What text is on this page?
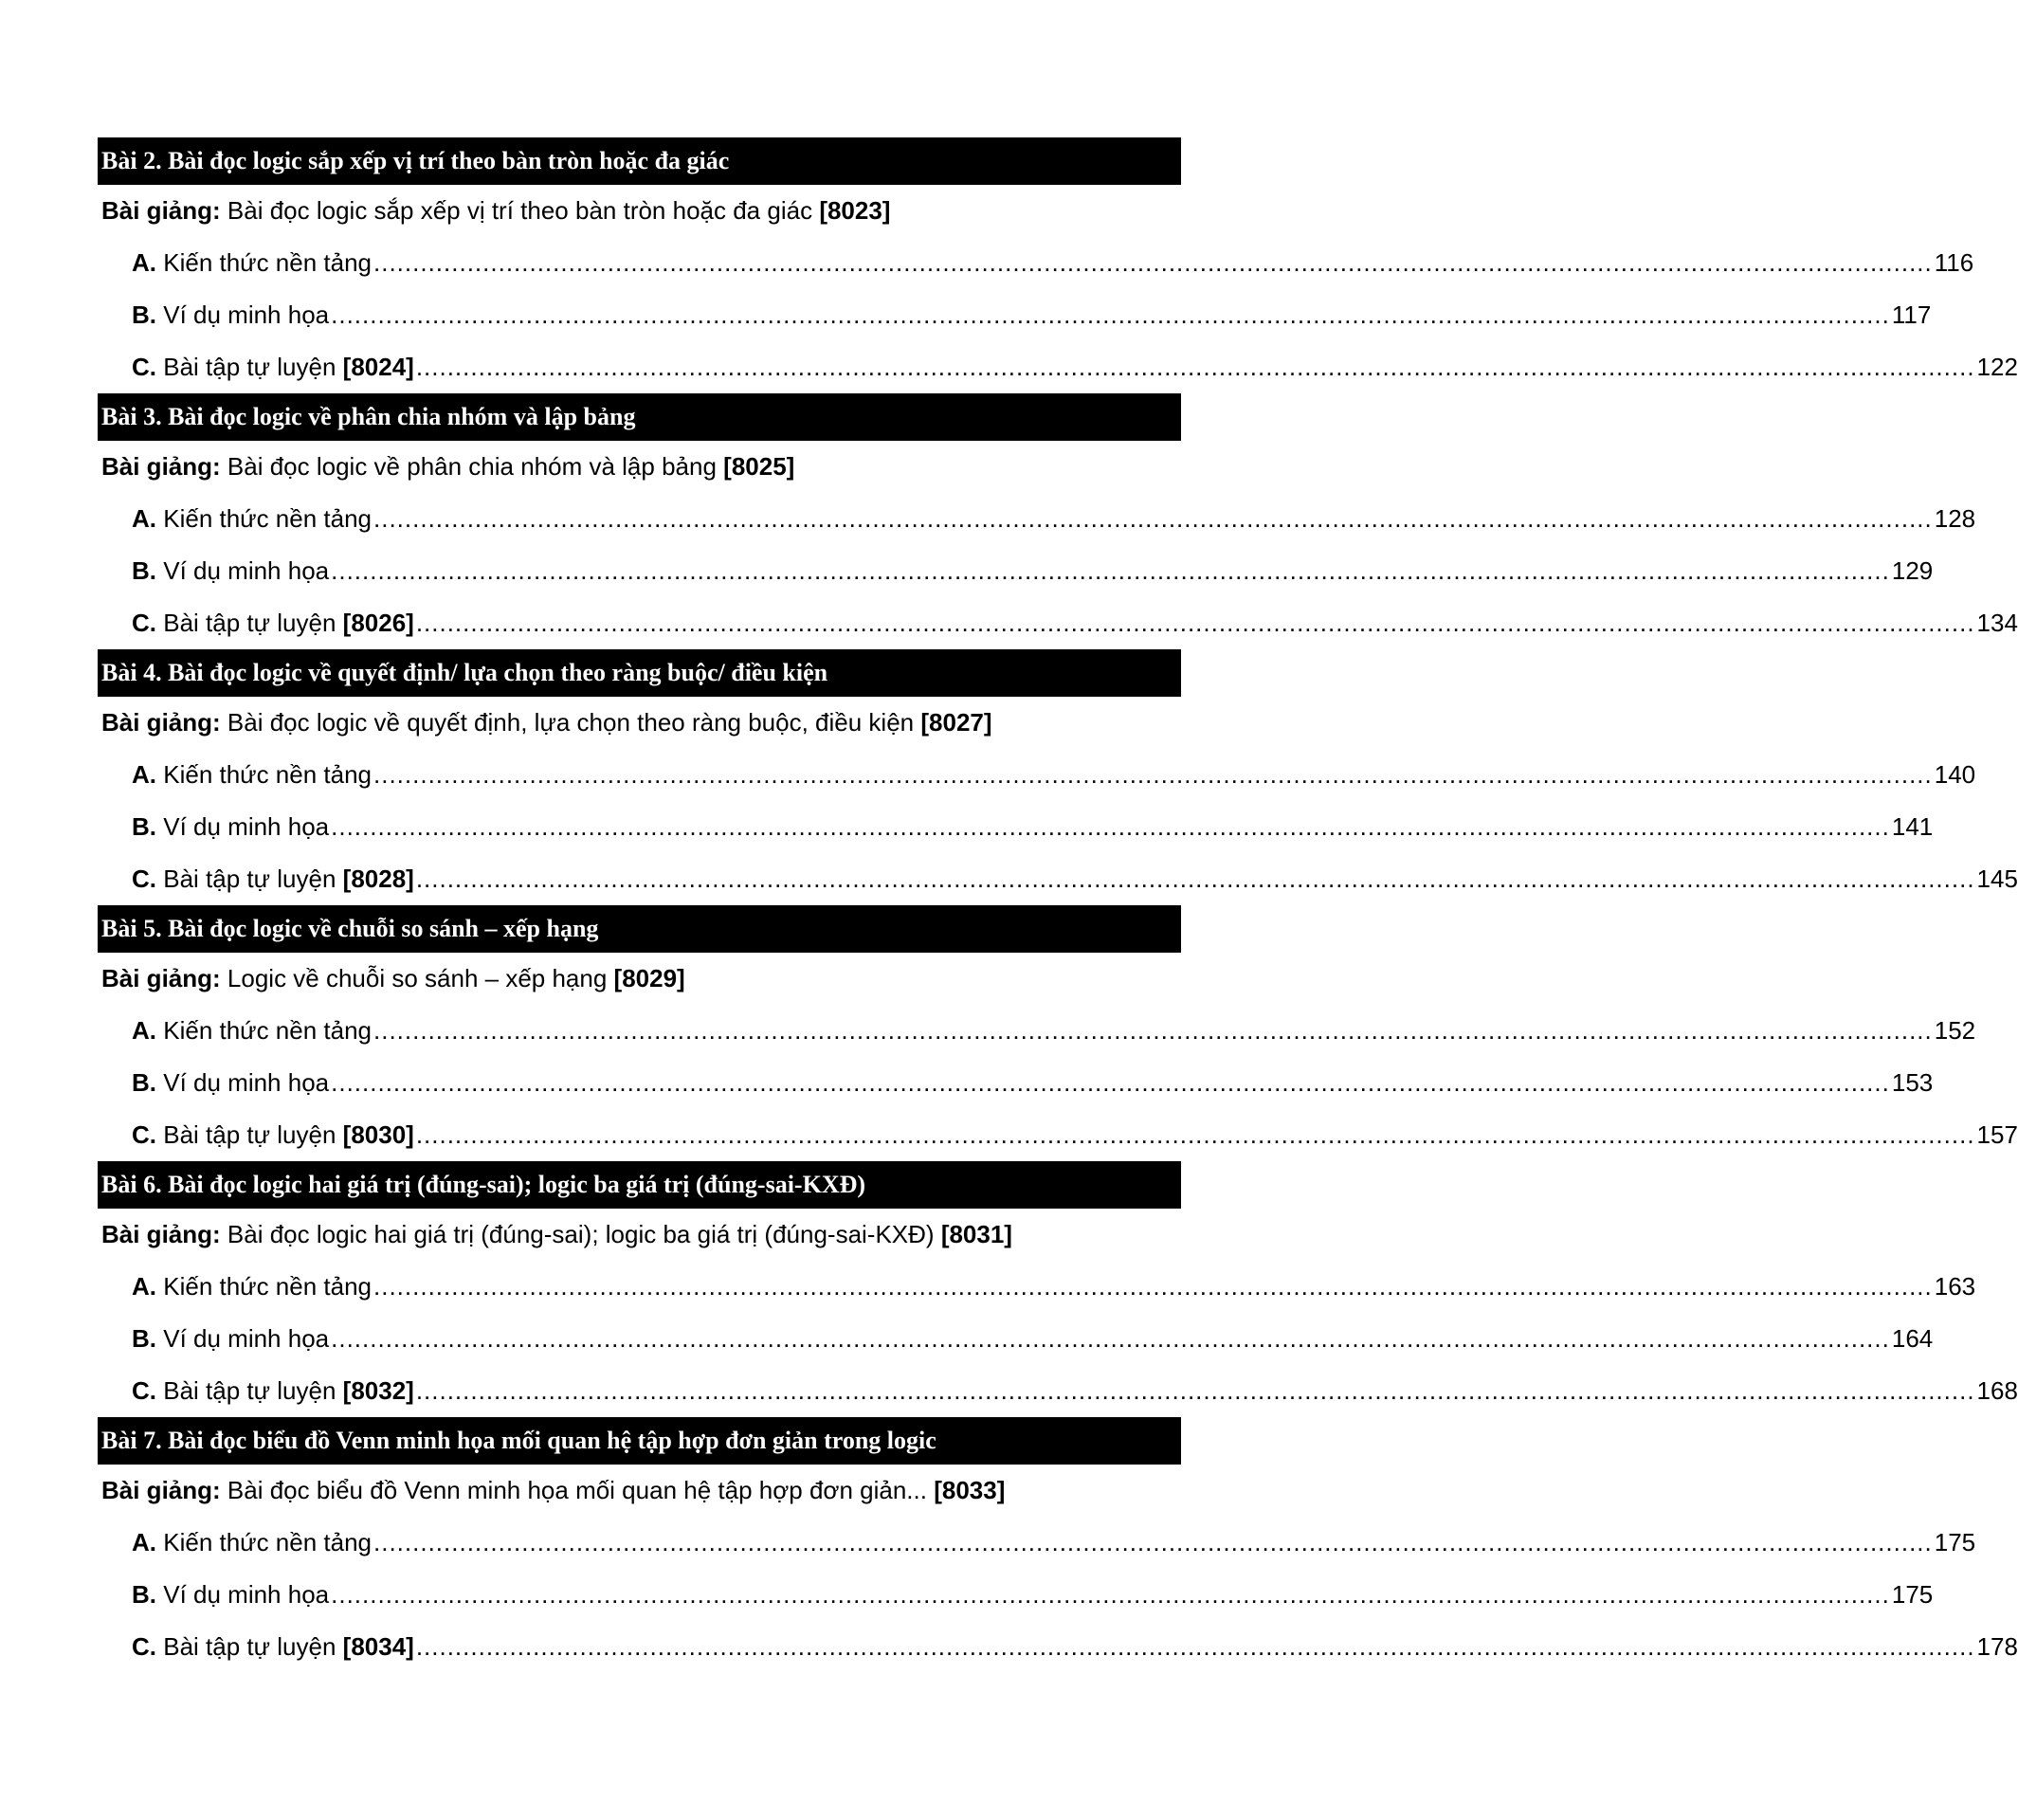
Bài 2. Bài đọc logic sắp xếp vị trí theo bàn tròn hoặc đa giác
Bài giảng: Bài đọc logic sắp xếp vị trí theo bàn tròn hoặc đa giác [8023]
A. Kiến thức nền tảng ........................................................................................................................................................................................................ 116
B. Ví dụ minh họa ........................................................................................................................................................................................................ 117
C. Bài tập tự luyện [8024] ........................................................................................................................................................................................................ 122
Bài 3. Bài đọc logic về phân chia nhóm và lập bảng
Bài giảng: Bài đọc logic về phân chia nhóm và lập bảng [8025]
A. Kiến thức nền tảng ........................................................................................................................................................................................................ 128
B. Ví dụ minh họa ........................................................................................................................................................................................................ 129
C. Bài tập tự luyện [8026] ........................................................................................................................................................................................................ 134
Bài 4. Bài đọc logic về quyết định/ lựa chọn theo ràng buộc/ điều kiện
Bài giảng: Bài đọc logic về quyết định, lựa chọn theo ràng buộc, điều kiện [8027]
A. Kiến thức nền tảng ........................................................................................................................................................................................................ 140
B. Ví dụ minh họa ........................................................................................................................................................................................................ 141
C. Bài tập tự luyện [8028] ........................................................................................................................................................................................................ 145
Bài 5. Bài đọc logic về chuỗi so sánh – xếp hạng
Bài giảng: Logic về chuỗi so sánh – xếp hạng [8029]
A. Kiến thức nền tảng ........................................................................................................................................................................................................ 152
B. Ví dụ minh họa ........................................................................................................................................................................................................ 153
C. Bài tập tự luyện [8030] ........................................................................................................................................................................................................ 157
Bài 6. Bài đọc logic hai giá trị (đúng-sai); logic ba giá trị (đúng-sai-KXĐ)
Bài giảng: Bài đọc logic hai giá trị (đúng-sai); logic ba giá trị (đúng-sai-KXĐ) [8031]
A. Kiến thức nền tảng ........................................................................................................................................................................................................ 163
B. Ví dụ minh họa ........................................................................................................................................................................................................ 164
C. Bài tập tự luyện [8032] ........................................................................................................................................................................................................ 168
Bài 7. Bài đọc biểu đồ Venn minh họa mối quan hệ tập hợp đơn giản trong logic
Bài giảng: Bài đọc biểu đồ Venn minh họa mối quan hệ tập hợp đơn giản... [8033]
A. Kiến thức nền tảng ........................................................................................................................................................................................................ 175
B. Ví dụ minh họa ........................................................................................................................................................................................................ 175
C. Bài tập tự luyện [8034] ........................................................................................................................................................................................................ 178
